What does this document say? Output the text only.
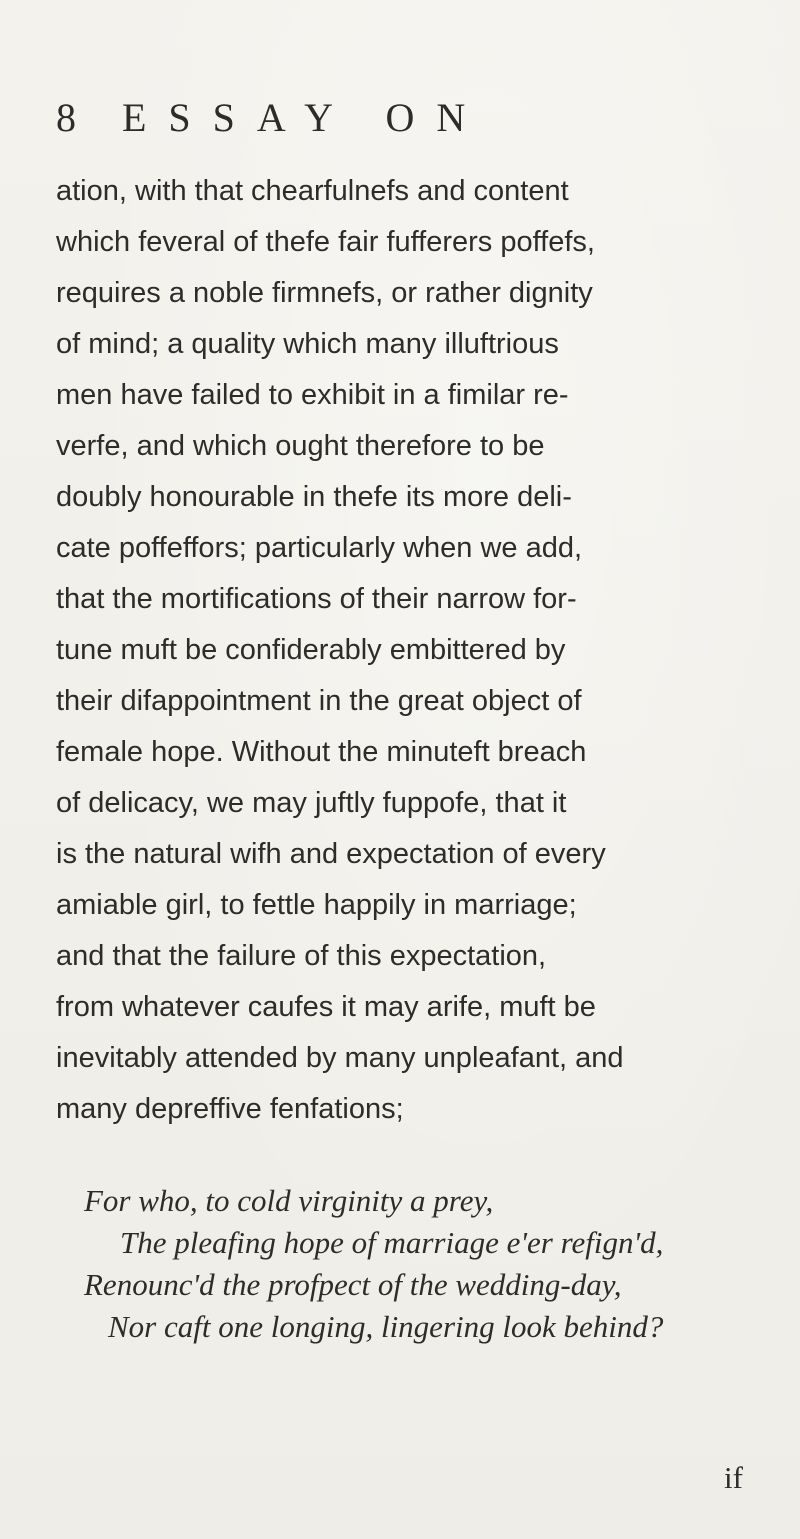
8 ESSAY ON
ation, with that chearfulnefs and content
which feveral of thefe fair fufferers poffefs,
requires a noble firmnefs, or rather dignity
of mind; a quality which many illuftrious
men have failed to exhibit in a fimilar re-
verfe, and which ought therefore to be
doubly honourable in thefe its more deli-
cate poffeffors; particularly when we add,
that the mortifications of their narrow for-
tune muft be confiderably embittered by
their difappointment in the great object of
female hope. Without the minuteft breach
of delicacy, we may juftly fuppofe, that it
is the natural wifh and expectation of every
amiable girl, to fettle happily in marriage;
and that the failure of this expectation,
from whatever caufes it may arife, muft be
inevitably attended by many unpleafant, and
many depreffive fenfations;
For who, to cold virginity a prey,
The pleafing hope of marriage e'er refign'd,
Renounc'd the profpect of the wedding-day,
Nor caft one longing, lingering look behind?
if
